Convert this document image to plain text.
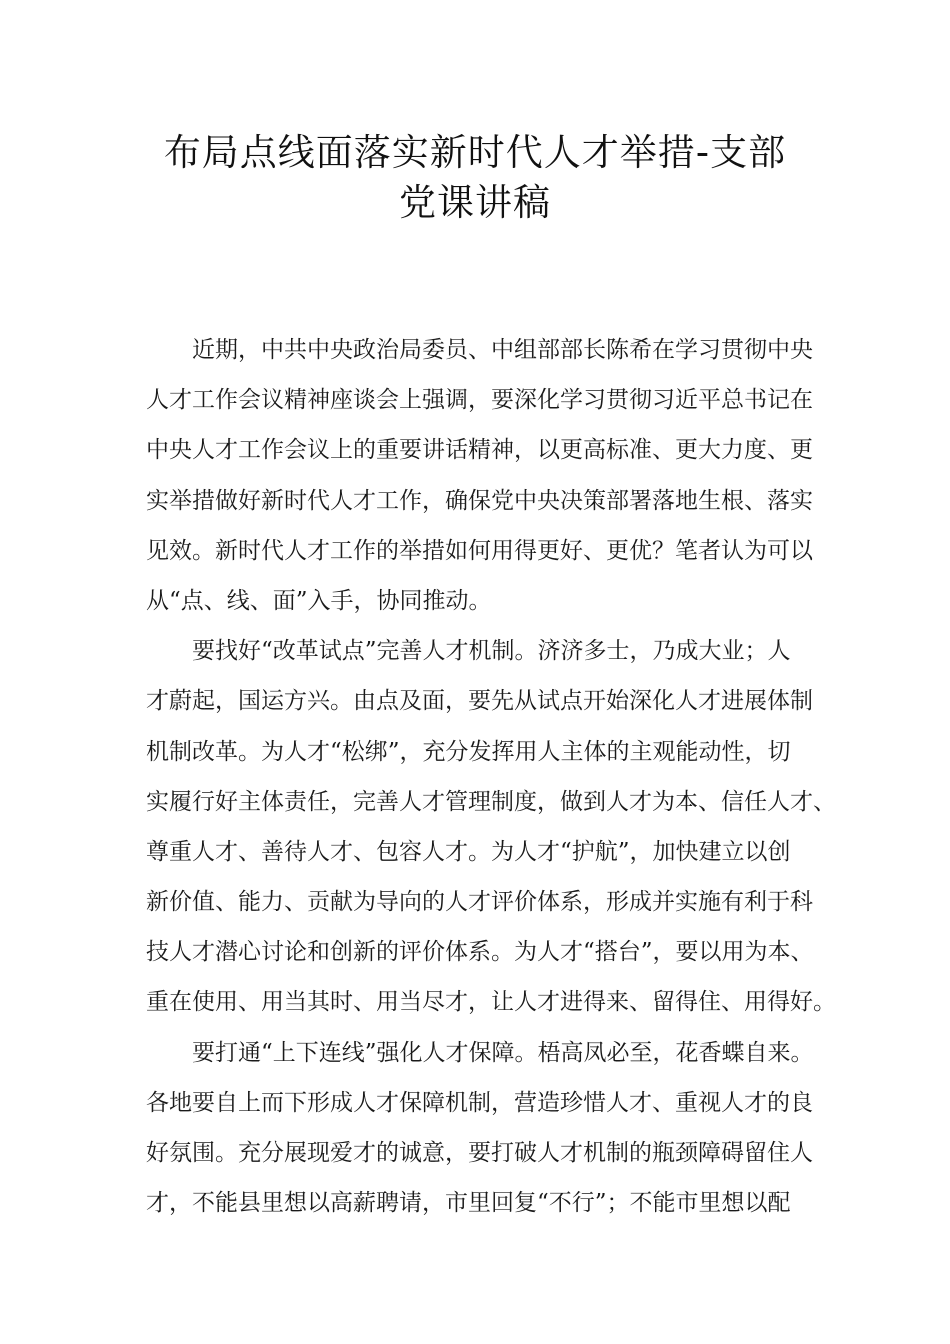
布局点线面落实新时代人才举措-支部
党课讲稿
近期，中共中央政治局委员、中组部部长陈希在学习贯彻中央
人才工作会议精神座谈会上强调，要深化学习贯彻习近平总书记在
中央人才工作会议上的重要讲话精神，以更高标准、更大力度、更
实举措做好新时代人才工作，确保党中央决策部署落地生根、落实
见效。新时代人才工作的举措如何用得更好、更优？笔者认为可以
从“点、线、面”入手，协同推动。
要找好“改革试点”完善人才机制。济济多士，乃成大业；人
才蔚起，国运方兴。由点及面，要先从试点开始深化人才进展体制
机制改革。为人才“松绑”，充分发挥用人主体的主观能动性，切
实履行好主体责任，完善人才管理制度，做到人才为本、信任人才、
尊重人才、善待人才、包容人才。为人才“护航”，加快建立以创
新价值、能力、贡献为导向的人才评价体系，形成并实施有利于科
技人才潜心讨论和创新的评价体系。为人才“搭台”，要以用为本、
重在使用、用当其时、用当尽才，让人才进得来、留得住、用得好。
要打通“上下连线”强化人才保障。梧高凤必至，花香蝶自来。
各地要自上而下形成人才保障机制，营造珍惜人才、重视人才的良
好氛围。充分展现爱才的诚意，要打破人才机制的瓶颈障碍留住人
才，不能县里想以高薪聘请，市里回复“不行”；不能市里想以配
